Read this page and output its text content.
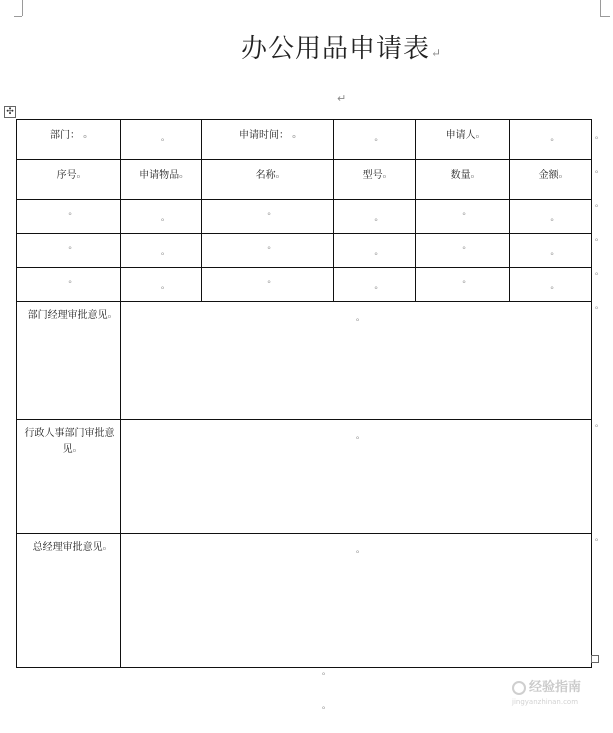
办公用品申请表↵
↵
✣
部门： ₒ	ₒ	申请时间： ₒ	ₒ	申请人ₒ	ₒ

序号ₒ	申请物品ₒ	名称ₒ	型号ₒ	数量ₒ	金额ₒ

ₒ	ₒ	ₒ	ₒ	ₒ	ₒ

ₒ	ₒ	ₒ	ₒ	ₒ	ₒ

ₒ	ₒ	ₒ	ₒ	ₒ	ₒ

部门经理审批意见ₒ	ₒ				

行政人事部门审批意见ₒ	ₒ				

总经理审批意见ₒ	ₒ				
ₒ
ₒ
ₒ
ₒ
ₒ
ₒ
ₒ
ₒ
ₒ
ₒ
经验指南
jingyanzhinan.com
